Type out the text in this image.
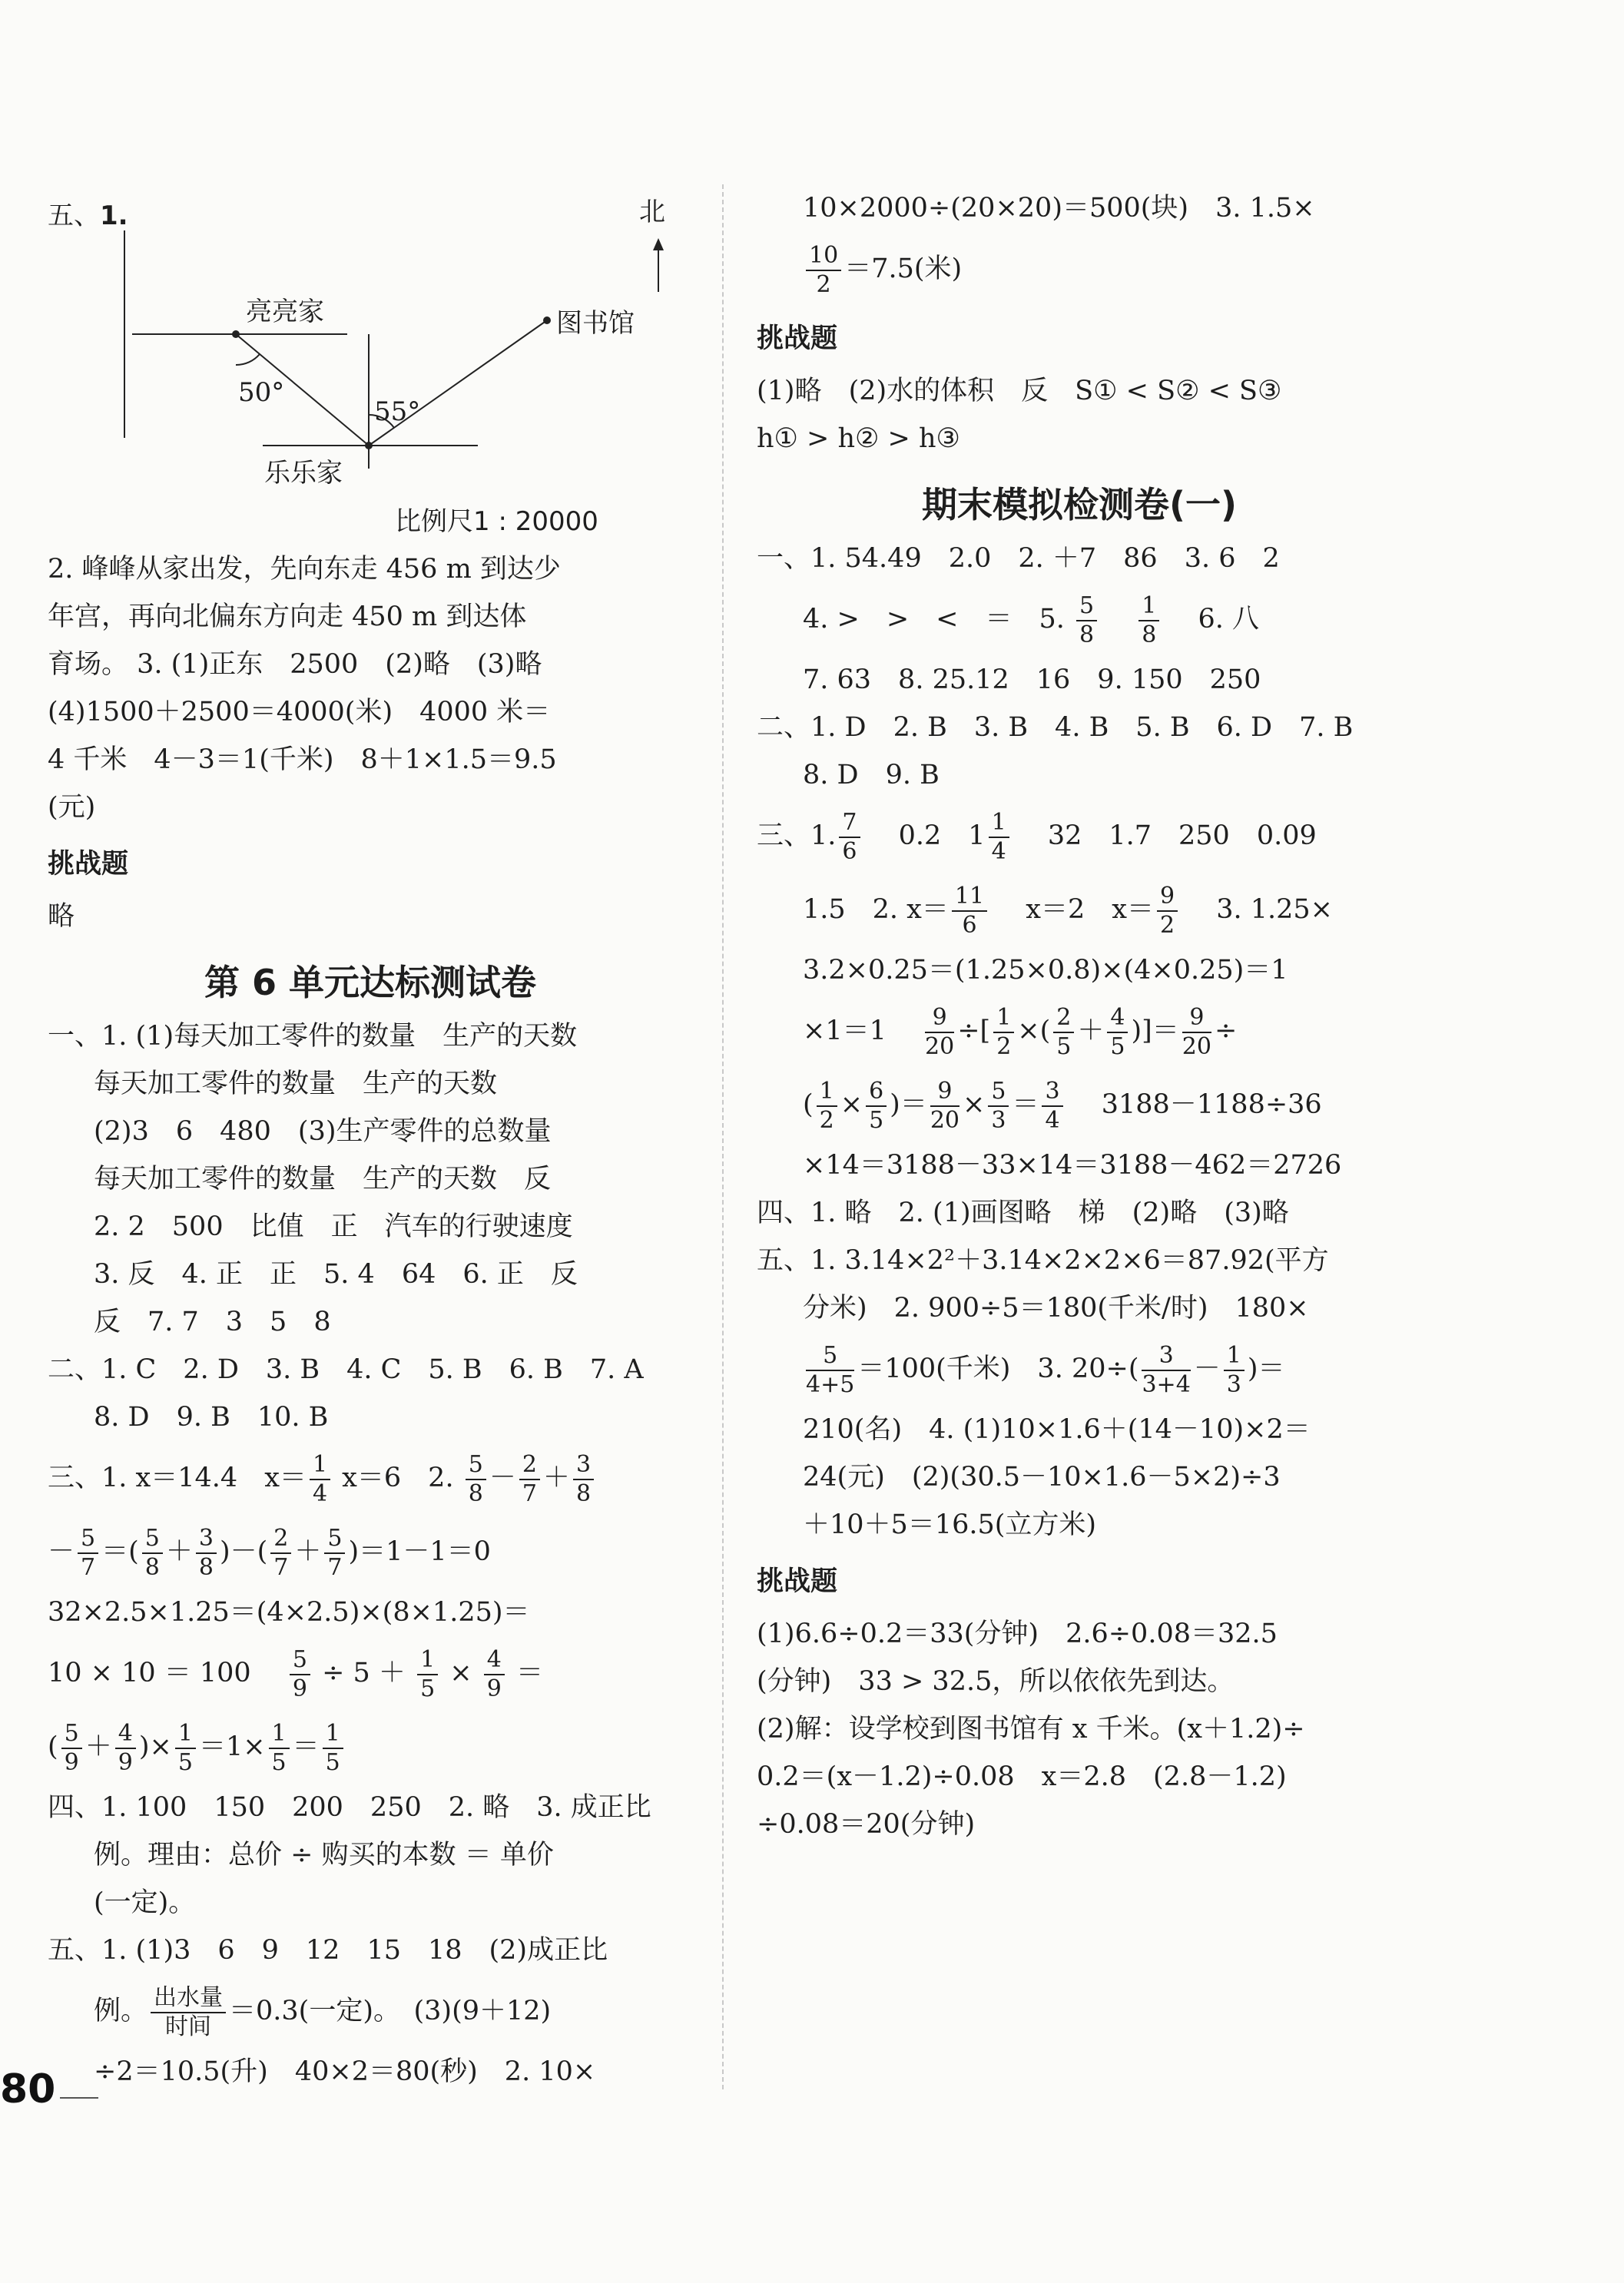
五、1.	北
亮亮家	图书馆
乐乐家
50°
55°
比例尺1 : 20000
2. 峰峰从家出发，先向东走 456 m 到达少
年宫，再向北偏东方向走 450 m 到达体
育场。 3. (1)正东　2500　(2)略　(3)略
(4)1500＋2500＝4000(米)　4000 米＝
4 千米　4－3＝1(千米)　8＋1×1.5＝9.5
(元)
挑战题
略
第 6 单元达标测试卷
一、1. (1)每天加工零件的数量　生产的天数
每天加工零件的数量　生产的天数
(2)3　6　480　(3)生产零件的总数量
每天加工零件的数量　生产的天数　反
2. 2　500　比值　正　汽车的行驶速度
3. 反　4. 正　正　5. 4　64　6. 正　反
反　7. 7　3　5　8
二、1. C　2. D　3. B　4. C　5. B　6. B　7. A
8. D　9. B　10. B
三、1. x＝14.4　$x= \frac{1}{4} x=6$　2. $\frac{5}{8} - \frac{2}{7} + \frac{3}{8}$
－ $\frac{5}{7}$ ＝( $\frac{5}{8} + \frac{3}{8}$ )－( $\frac{2}{7} + \frac{5}{7} )=1-1=0$
32×2.5×1.25＝(4×2.5)×(8×1.25)＝
10 × 10 ＝ 100　 $\frac{5}{9} \div 5 + \frac{1}{5} \times \frac{4}{9}$ ＝
( $\frac{5}{9} + \frac{4}{9}$ )× $\frac{1}{5} =1\times \frac{1}{5} = \frac{1}{5}$
四、1. 100　150　200　250　2. 略　3. 成正比
例。理由：总价 ÷ 购买的本数 ＝ 单价
(一定)。
五、1. (1)3　6　9　12　15　18　(2)成正比
例。 $\frac{\text{出水量}}{\text{时间}} =0.3$(一定)。　(3)(9＋12)
÷2＝10.5(升)　40×2＝80(秒)　2. 10×
10×2000÷(20×20)＝500(块)　3. 1.5×
$\frac{10}{2} =7.5$(米)
挑战题
(1)略　(2)水的体积　反　S① < S② < S③
h① > h② > h③
期末模拟检测卷(一)
一、1. 54.49　2.0　2. ＋7　86　3. 6　2
4. >　>　<　＝　5. $\frac{5}{8}$
　 $\frac{1}{8}$
　 6. 八
7. 63　8. 25.12　16　9. 150　250
二、1. D　2. B　3. B　4. B　5. B　6. D　7. B
8. D　9. B
三、1. $\frac{7}{6}$
　 0.2　$1 \frac{1}{4}$
　 32　1.7　250　0.09
1.5　2. $x= \frac{11}{6}$
　 x＝2　$x= \frac{9}{2}$
　 3. 1.25×
3.2×0.25＝(1.25×0.8)×(4×0.25)＝1
×1＝1　 $\frac{9}{20}$ ÷[ $\frac{1}{2}$ ×( $\frac{2}{5} + \frac{4}{5}$ )]＝ $\frac{9}{20}$ ÷
( $\frac{1}{2} \times \frac{6}{5}$ )＝ $\frac{9}{20} \times \frac{5}{3} = \frac{3}{4}$
　 3188－1188÷36
×14＝3188－33×14＝3188－462＝2726
四、1. 略　2. (1)画图略　梯　(2)略　(3)略
五、1. 3.14×2²＋3.14×2×2×6＝87.92(平方
分米)　2. 900÷5＝180(千米/时)　180×
$\frac{5}{4+5} =100$(千米)　3. $20\div( \frac{3}{3+4} - \frac{1}{3}$ )＝
210(名)　4. (1)10×1.6＋(14－10)×2＝
24(元)　(2)(30.5－10×1.6－5×2)÷3
＋10＋5＝16.5(立方米)
挑战题
(1)6.6÷0.2＝33(分钟)　2.6÷0.08＝32.5
(分钟)　33 > 32.5，所以依依先到达。
(2)解：设学校到图书馆有 x 千米。(x＋1.2)÷
0.2＝(x－1.2)÷0.08　x＝2.8　(2.8－1.2)
÷0.08＝20(分钟)
80
